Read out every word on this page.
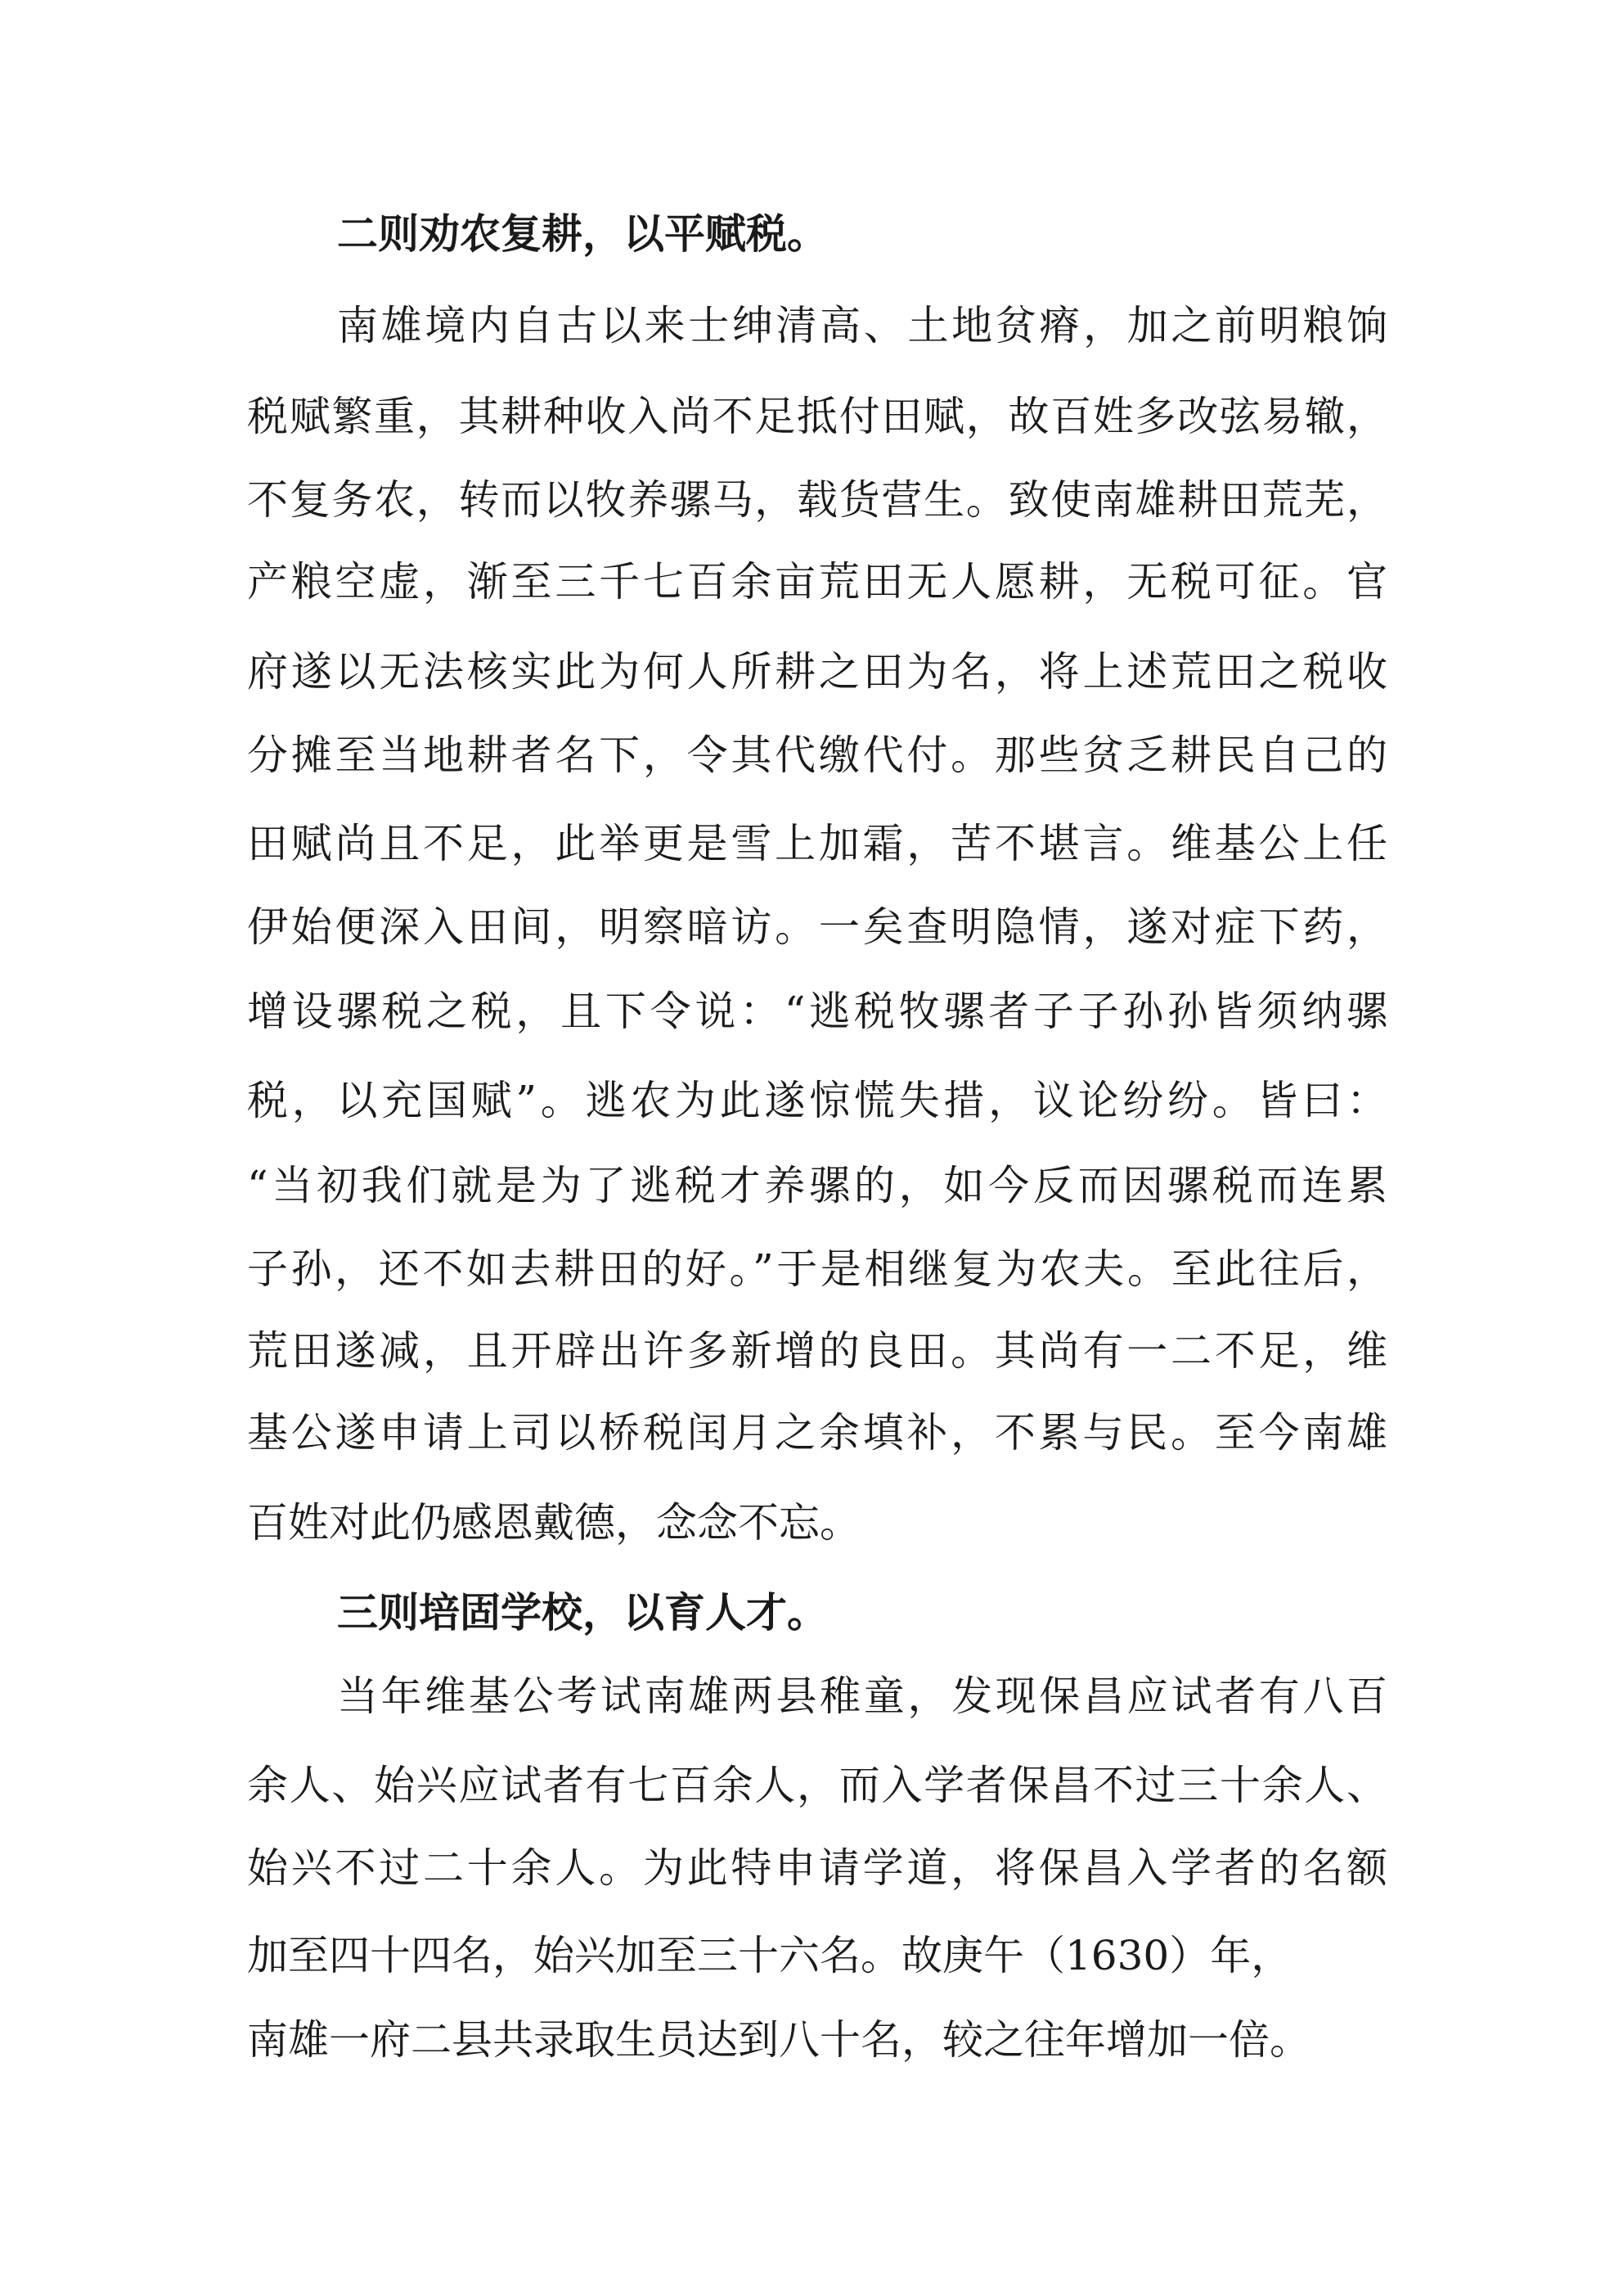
二则劝农复耕，以平赋税。
南雄境内自古以来士绅清高、土地贫瘠，加之前明粮饷
税赋繁重，其耕种收入尚不足抵付田赋，故百姓多改弦易辙，
不复务农，转而以牧养骡马，载货营生。致使南雄耕田荒芜，
产粮空虚，渐至三千七百余亩荒田无人愿耕，无税可征。官
府遂以无法核实此为何人所耕之田为名，将上述荒田之税收
分摊至当地耕者名下，令其代缴代付。那些贫乏耕民自己的
田赋尚且不足，此举更是雪上加霜，苦不堪言。维基公上任
伊始便深入田间，明察暗访。一矣查明隐情，遂对症下药，
增设骡税之税，且下令说：“逃税牧骡者子子孙孙皆须纳骡
税，以充国赋”。逃农为此遂惊慌失措，议论纷纷。皆曰：
“当初我们就是为了逃税才养骡的，如今反而因骡税而连累
子孙，还不如去耕田的好。”于是相继复为农夫。至此往后，
荒田遂减，且开辟出许多新增的良田。其尚有一二不足，维
基公遂申请上司以桥税闰月之余填补，不累与民。至今南雄
百姓对此仍感恩戴德，念念不忘。
三则培固学校，以育人才。
当年维基公考试南雄两县稚童，发现保昌应试者有八百
余人、始兴应试者有七百余人，而入学者保昌不过三十余人、
始兴不过二十余人。为此特申请学道，将保昌入学者的名额
加至四十四名，始兴加至三十六名。故庚午（1630）年，
南雄一府二县共录取生员达到八十名，较之往年增加一倍。
